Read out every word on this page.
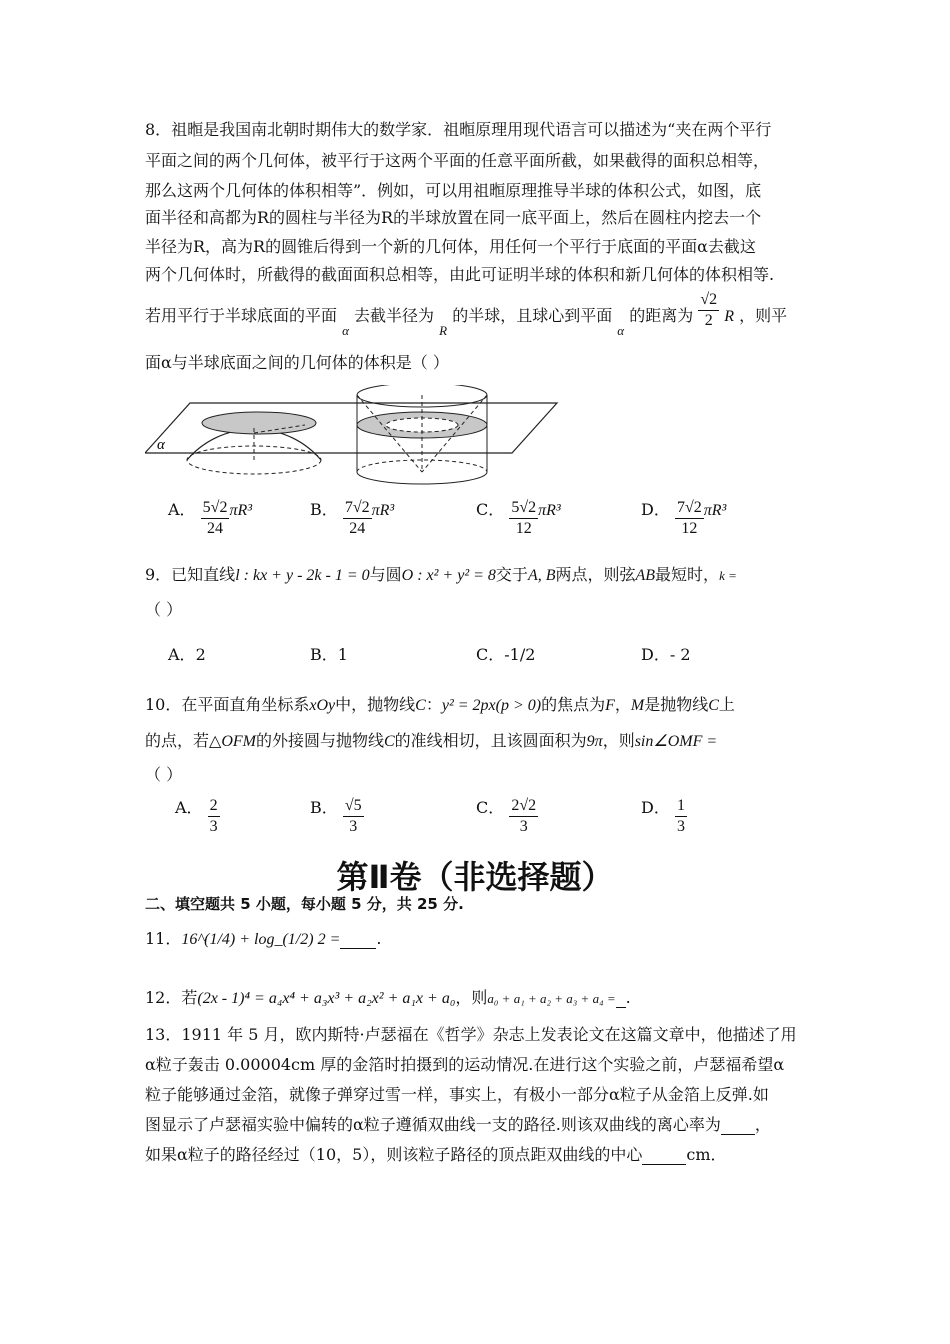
8．祖暅是我国南北朝时期伟大的数学家．祖暅原理用现代语言可以描述为“夹在两个平行
平面之间的两个几何体，被平行于这两个平面的任意平面所截，如果截得的面积总相等，
那么这两个几何体的体积相等”．例如，可以用祖暅原理推导半球的体积公式，如图，底
面半径和高都为R的圆柱与半径为R的半球放置在同一底平面上，然后在圆柱内挖去一个
半径为R，高为R的圆锥后得到一个新的几何体，用任何一个平行于底面的平面α去截这
两个几何体时，所截得的截面面积总相等，由此可证明半球的体积和新几何体的体积相等.
若用平行于半球底面的平面 $_\alpha$ 去截半径为 $_R$ 的半球，且球心到平面 $_\alpha$ 的距离为 $\frac{√2}{2}$ R ，则平
面α与半球底面之间的几何体的体积是（ ）
α
A． $\frac{5√2}{24} \pi R^3$	B． $\frac{7√2}{24} \pi R^3$	C． $\frac{5√2}{12} \pi R^3$	D． $\frac{7√2}{12} \pi R^3$
9．已知直线l : kx + y - 2k - 1 = 0与圆O : x² + y² = 8交于A, B两点，则弦AB最短时，k =
（ ）
A．2	B．1	C．-1/2	D．- 2
10．在平面直角坐标系xOy中，抛物线C：y² = 2px(p > 0)的焦点为F，M是抛物线C上
的点，若△OFM的外接圆与抛物线C的准线相切，且该圆面积为9π，则sin∠OMF =
（ ）
A． $\frac{2}{3}$	B． $\frac{√5}{3}$	C． $\frac{2√2}{3}$	D． $\frac{1}{3}$
第Ⅱ卷（非选择题）
二、填空题共 5 小题，每小题 5 分，共 25 分.
11．16^(1/4) + log_(1/2) 2 = .
12．若(2x - 1)⁴ = a₄x⁴ + a₃x³ + a₂x² + a₁x + a₀，则a₀ + a₁ + a₂ + a₃ + a₄ = .
13．1911 年 5 月，欧内斯特·卢瑟福在《哲学》杂志上发表论文在这篇文章中，他描述了用
α粒子轰击 0.00004cm 厚的金箔时拍摄到的运动情况.在进行这个实验之前，卢瑟福希望α
粒子能够通过金箔，就像子弹穿过雪一样，事实上，有极小一部分α粒子从金箔上反弹.如
图显示了卢瑟福实验中偏转的α粒子遵循双曲线一支的路径.则该双曲线的离心率为 ，
如果α粒子的路径经过（10，5），则该粒子路径的顶点距双曲线的中心	cm．
